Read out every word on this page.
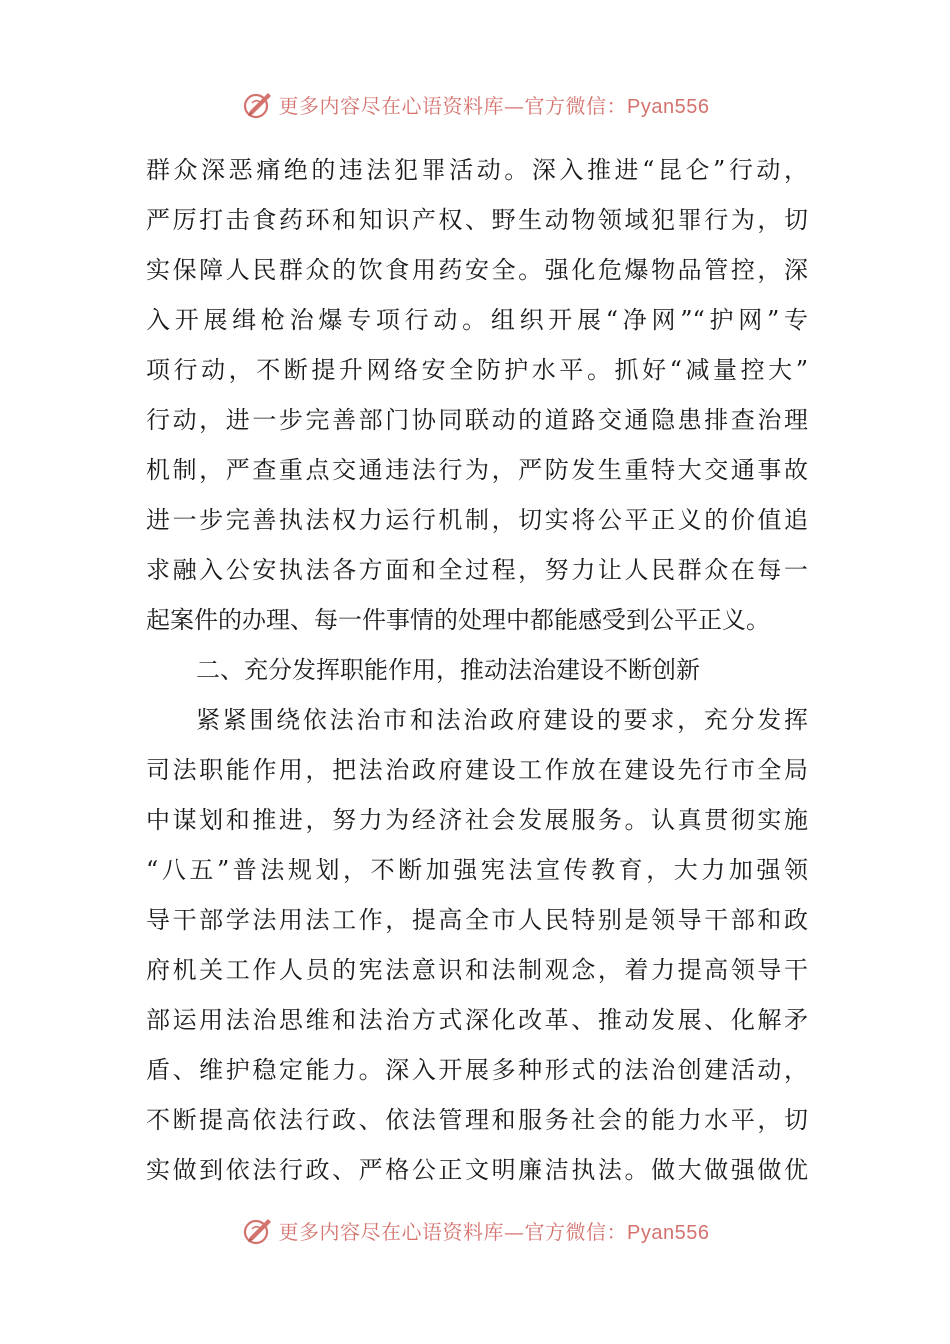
更多内容尽在心语资料库—官方微信：Pyan556
群众深恶痛绝的违法犯罪活动。深入推进“昆仑”行动，
严厉打击食药环和知识产权、野生动物领域犯罪行为，切
实保障人民群众的饮食用药安全。强化危爆物品管控，深
入开展缉枪治爆专项行动。组织开展“净网”“护网”专
项行动，不断提升网络安全防护水平。抓好“减量控大”
行动，进一步完善部门协同联动的道路交通隐患排查治理
机制，严查重点交通违法行为，严防发生重特大交通事故
进一步完善执法权力运行机制，切实将公平正义的价值追
求融入公安执法各方面和全过程，努力让人民群众在每一
起案件的办理、每一件事情的处理中都能感受到公平正义。
二、充分发挥职能作用，推动法治建设不断创新
紧紧围绕依法治市和法治政府建设的要求，充分发挥
司法职能作用，把法治政府建设工作放在建设先行市全局
中谋划和推进，努力为经济社会发展服务。认真贯彻实施
“八五”普法规划，不断加强宪法宣传教育，大力加强领
导干部学法用法工作，提高全市人民特别是领导干部和政
府机关工作人员的宪法意识和法制观念，着力提高领导干
部运用法治思维和法治方式深化改革、推动发展、化解矛
盾、维护稳定能力。深入开展多种形式的法治创建活动，
不断提高依法行政、依法管理和服务社会的能力水平，切
实做到依法行政、严格公正文明廉洁执法。做大做强做优
更多内容尽在心语资料库—官方微信：Pyan556
